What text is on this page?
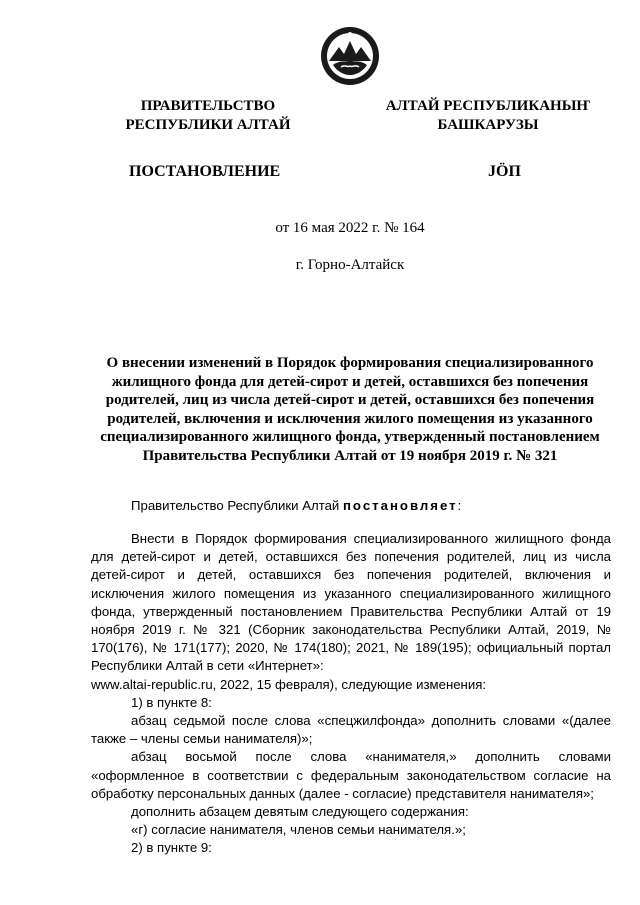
ПРАВИТЕЛЬСТВО
РЕСПУБЛИКИ АЛТАЙ
АЛТАЙ РЕСПУБЛИКАНЫҤ
БАШКАРУЗЫ
ПОСТАНОВЛЕНИЕ	JӦП
от 16 мая 2022 г. № 164
г. Горно-Алтайск
О внесении изменений в Порядок формирования специализированного
жилищного фонда для детей-сирот и детей, оставшихся без попечения
родителей, лиц из числа детей-сирот и детей, оставшихся без попечения
родителей, включения и исключения жилого помещения из указанного
специализированного жилищного фонда, утвержденный постановлением
Правительства Республики Алтай от 19 ноября 2019 г. № 321
Правительство Республики Алтай постановляет:

Внести в Порядок формирования специализированного жилищного фонда для детей-сирот и детей, оставшихся без попечения родителей, лиц из числа детей-сирот и детей, оставшихся без попечения родителей, включения и исключения жилого помещения из указанного специализированного жилищного фонда, утвержденный постановлением Правительства Республики Алтай от 19 ноября 2019 г. № 321 (Сборник законодательства Республики Алтай, 2019, № 170(176), № 171(177); 2020, № 174(180); 2021, № 189(195); официальный портал Республики Алтай в сети «Интернет»:

www.altai-republic.ru, 2022, 15 февраля), следующие изменения:

1) в пункте 8:

абзац седьмой после слова «спецжилфонда» дополнить словами «(далее также – члены семьи нанимателя)»;

абзац восьмой после слова «нанимателя,» дополнить словами «оформленное в соответствии с федеральным законодательством согласие на обработку персональных данных (далее - согласие) представителя нанимателя»;

дополнить абзацем девятым следующего содержания:

«г) согласие нанимателя, членов семьи нанимателя.»;

2) в пункте 9:
